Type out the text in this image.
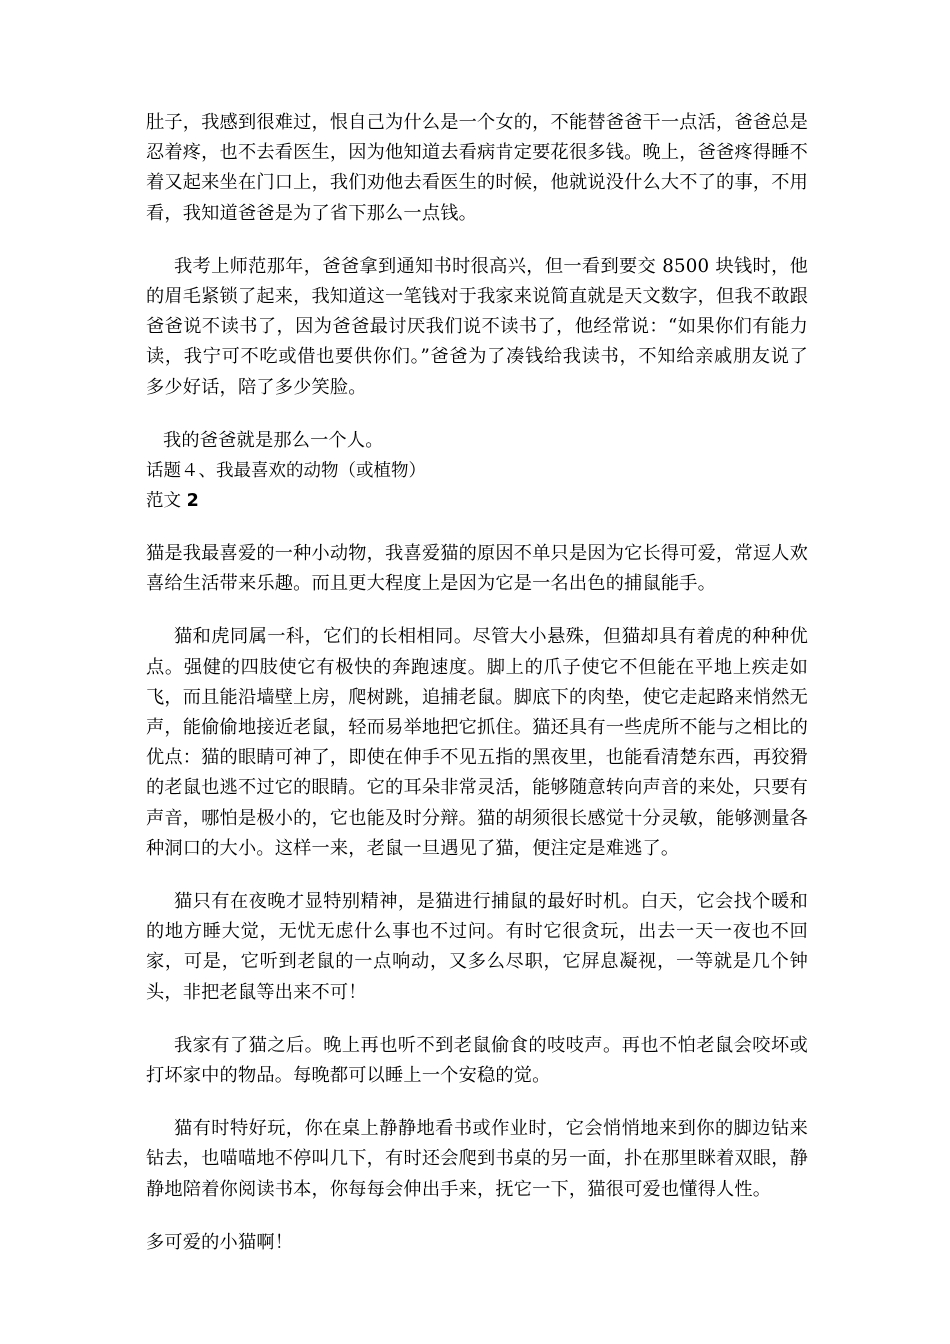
肚子，我感到很难过，恨自己为什么是一个女的，不能替爸爸干一点活，爸爸总是忍着疼，也不去看医生，因为他知道去看病肯定要花很多钱。晚上，爸爸疼得睡不着又起来坐在门口上，我们劝他去看医生的时候，他就说没什么大不了的事，不用看，我知道爸爸是为了省下那么一点钱。

我考上师范那年，爸爸拿到通知书时很高兴，但一看到要交 8500 块钱时，他的眉毛紧锁了起来，我知道这一笔钱对于我家来说简直就是天文数字，但我不敢跟爸爸说不读书了，因为爸爸最讨厌我们说不读书了，他经常说：“如果你们有能力读，我宁可不吃或借也要供你们。”爸爸为了凑钱给我读书，不知给亲戚朋友说了多少好话，陪了多少笑脸。

我的爸爸就是那么一个人。

话题４、我最喜欢的动物（或植物）

范文 2

猫是我最喜爱的一种小动物，我喜爱猫的原因不单只是因为它长得可爱，常逗人欢喜给生活带来乐趣。而且更大程度上是因为它是一名出色的捕鼠能手。

猫和虎同属一科，它们的长相相同。尽管大小悬殊，但猫却具有着虎的种种优点。强健的四肢使它有极快的奔跑速度。脚上的爪子使它不但能在平地上疾走如飞，而且能沿墙壁上房，爬树跳，追捕老鼠。脚底下的肉垫，使它走起路来悄然无声，能偷偷地接近老鼠，轻而易举地把它抓住。猫还具有一些虎所不能与之相比的优点：猫的眼睛可神了，即使在伸手不见五指的黑夜里，也能看清楚东西，再狡猾的老鼠也逃不过它的眼睛。它的耳朵非常灵活，能够随意转向声音的来处，只要有声音，哪怕是极小的，它也能及时分辩。猫的胡须很长感觉十分灵敏，能够测量各种洞口的大小。这样一来，老鼠一旦遇见了猫，便注定是难逃了。

猫只有在夜晚才显特别精神，是猫进行捕鼠的最好时机。白天，它会找个暖和的地方睡大觉，无忧无虑什么事也不过问。有时它很贪玩，出去一天一夜也不回家，可是，它听到老鼠的一点响动，又多么尽职，它屏息凝视，一等就是几个钟头，非把老鼠等出来不可！

我家有了猫之后。晚上再也听不到老鼠偷食的吱吱声。再也不怕老鼠会咬坏或打坏家中的物品。每晚都可以睡上一个安稳的觉。

猫有时特好玩，你在桌上静静地看书或作业时，它会悄悄地来到你的脚边钻来钻去，也喵喵地不停叫几下，有时还会爬到书桌的另一面，扑在那里眯着双眼，静静地陪着你阅读书本，你每每会伸出手来，抚它一下，猫很可爱也懂得人性。

多可爱的小猫啊！
